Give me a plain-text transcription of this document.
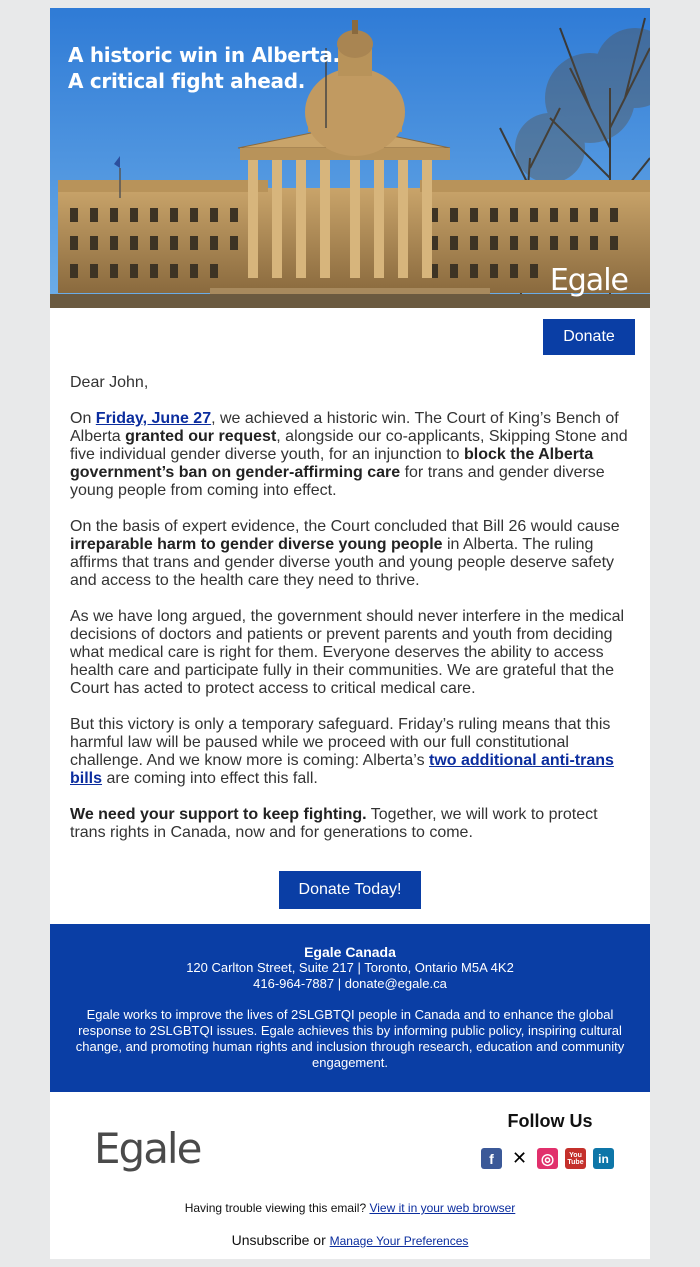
A historic win in Alberta.
A critical fight ahead.
Egale
Donate

Dear John,

On Friday, June 27, we achieved a historic win. The Court of King’s Bench of Alberta granted our request, alongside our co-applicants, Skipping Stone and five individual gender diverse youth, for an injunction to block the Alberta government’s ban on gender-affirming care for trans and gender diverse young people from coming into effect.

On the basis of expert evidence, the Court concluded that Bill 26 would cause irreparable harm to gender diverse young people in Alberta. The ruling affirms that trans and gender diverse youth and young people deserve safety and access to the health care they need to thrive.

As we have long argued, the government should never interfere in the medical decisions of doctors and patients or prevent parents and youth from deciding what medical care is right for them. Everyone deserves the ability to access health care and participate fully in their communities. We are grateful that the Court has acted to protect access to critical medical care.

But this victory is only a temporary safeguard. Friday’s ruling means that this harmful law will be paused while we proceed with our full constitutional challenge. And we know more is coming: Alberta’s two additional anti-trans bills are coming into effect this fall.

We need your support to keep fighting. Together, we will work to protect trans rights in Canada, now and for generations to come.

Donate Today!
Egale Canada
120 Carlton Street, Suite 217 | Toronto, Ontario M5A 4K2
416-964-7887 | donate@egale.ca
Egale works to improve the lives of 2SLGBTQI people in Canada and to enhance the global response to 2SLGBTQI issues. Egale achieves this by informing public policy, inspiring cultural change, and promoting human rights and inclusion through research, education and community engagement.
Egale
Follow Us
f	✕ ◎	You Tube	in
Having trouble viewing this email? View it in your web browser
Unsubscribe or Manage Your Preferences
